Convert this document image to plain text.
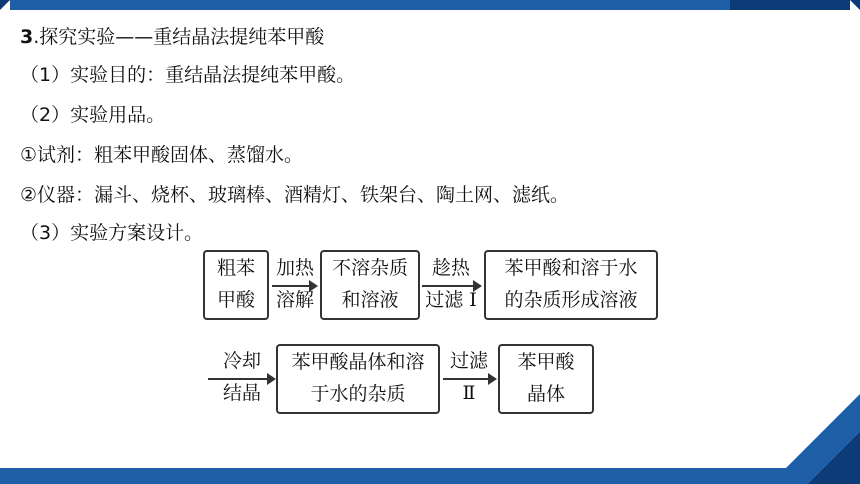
3.探究实验——重结晶法提纯苯甲酸
（1）实验目的：重结晶法提纯苯甲酸。
（2）实验用品。
①试剂：粗苯甲酸固体、蒸馏水。
②仪器：漏斗、烧杯、玻璃棒、酒精灯、铁架台、陶土网、滤纸。
（3）实验方案设计。
粗苯
甲酸
加热
溶解
不溶杂质
和溶液
趁热
过滤 Ⅰ
苯甲酸和溶于水
的杂质形成溶液
冷却
结晶
苯甲酸晶体和溶
于水的杂质
过滤
Ⅱ
苯甲酸
晶体
